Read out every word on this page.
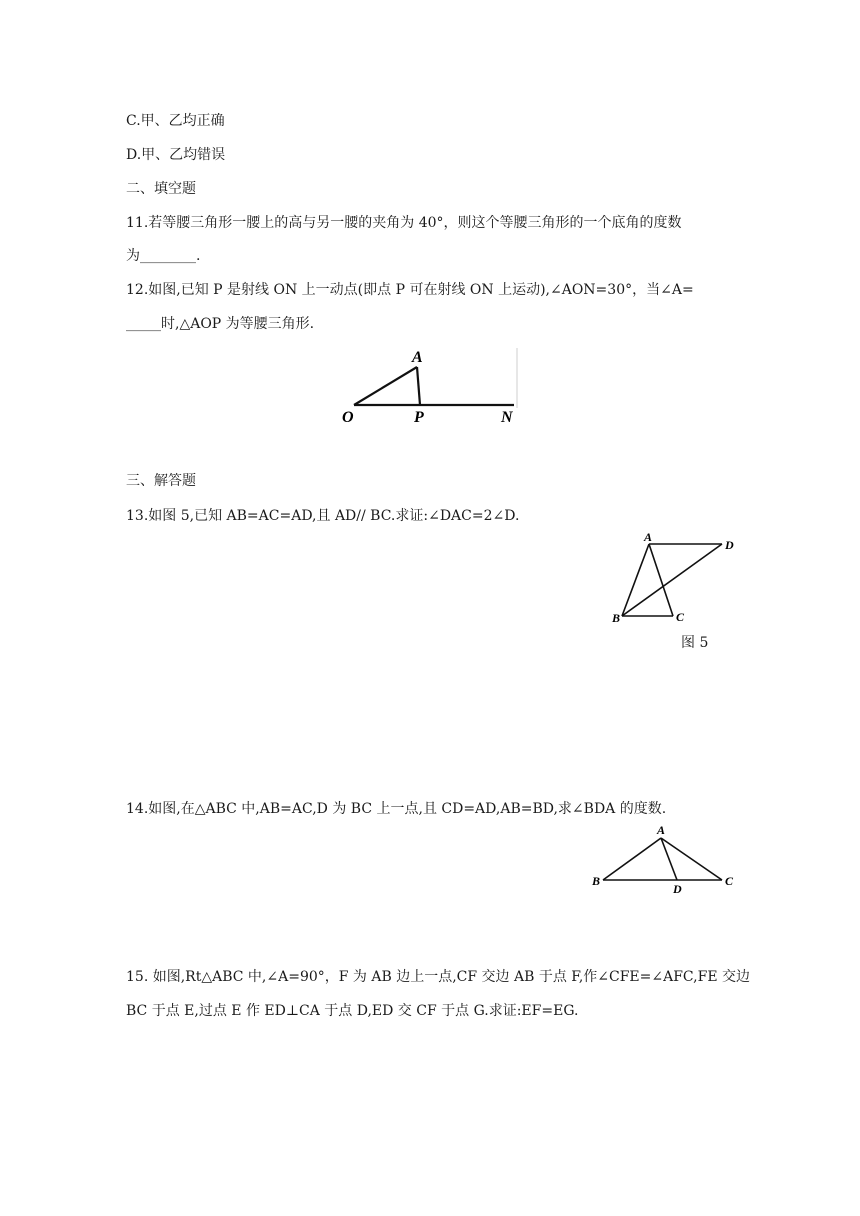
C.甲、乙均正确
D.甲、乙均错误
二、填空题
11.若等腰三角形一腰上的高与另一腰的夹角为 40°，则这个等腰三角形的一个底角的度数
为________.
12.如图,已知 P 是射线 ON 上一动点(即点 P 可在射线 ON 上运动),∠AON=30°，当∠A=
_____时,△AOP 为等腰三角形.
A
O	P	N
三、解答题
13.如图 5,已知 AB=AC=AD,且 AD// BC.求证:∠DAC=2∠D.
A
D
B	C
图 5
14.如图,在△ABC 中,AB=AC,D 为 BC 上一点,且 CD=AD,AB=BD,求∠BDA 的度数.
A
B	C
D
15. 如图,Rt△ABC 中,∠A=90°，F 为 AB 边上一点,CF 交边 AB 于点 F,作∠CFE=∠AFC,FE 交边
BC 于点 E,过点 E 作 ED⊥CA 于点 D,ED 交 CF 于点 G.求证:EF=EG.
